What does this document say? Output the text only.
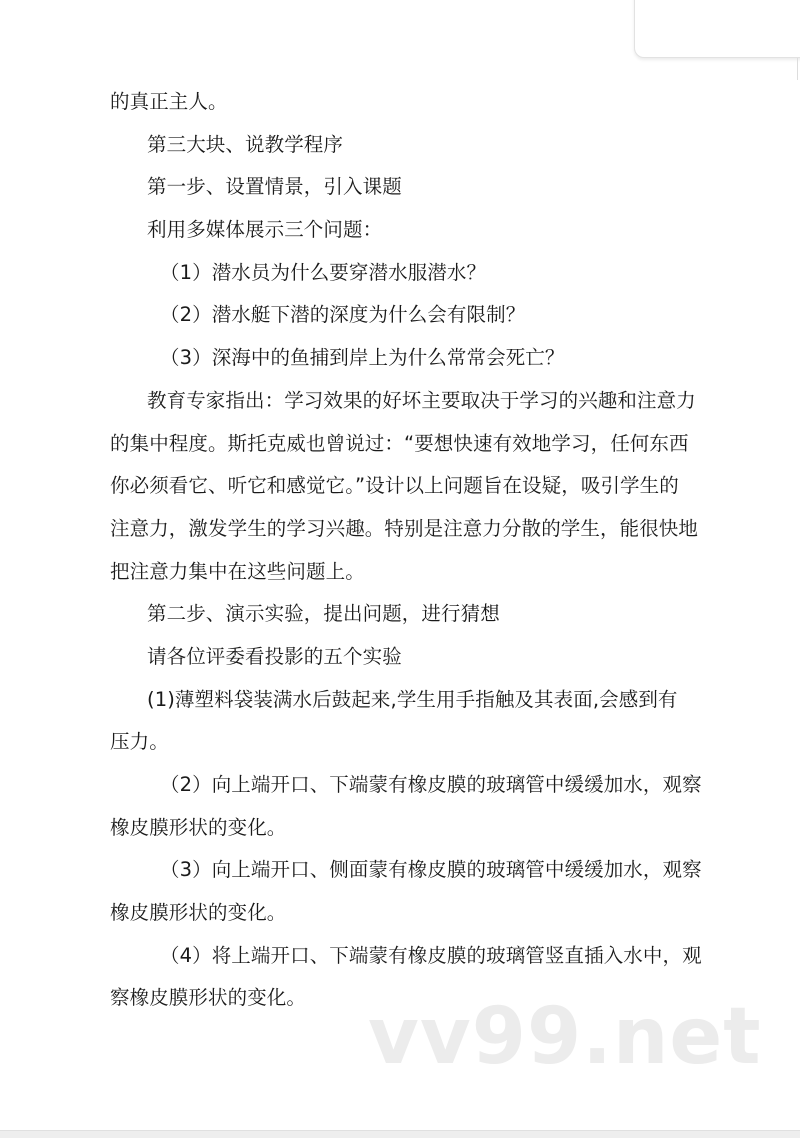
的真正主人。
第三大块、说教学程序
第一步、设置情景，引入课题
利用多媒体展示三个问题：
（1）潜水员为什么要穿潜水服潜水？
（2）潜水艇下潜的深度为什么会有限制？
（3）深海中的鱼捕到岸上为什么常常会死亡？
教育专家指出：学习效果的好坏主要取决于学习的兴趣和注意力
的集中程度。斯托克威也曾说过：“要想快速有效地学习，任何东西
你必须看它、听它和感觉它。”设计以上问题旨在设疑，吸引学生的
注意力，激发学生的学习兴趣。特别是注意力分散的学生，能很快地
把注意力集中在这些问题上。
第二步、演示实验，提出问题，进行猜想
请各位评委看投影的五个实验
(1)薄塑料袋装满水后鼓起来,学生用手指触及其表面,会感到有
压力。
（2）向上端开口、下端蒙有橡皮膜的玻璃管中缓缓加水，观察
橡皮膜形状的变化。
（3）向上端开口、侧面蒙有橡皮膜的玻璃管中缓缓加水，观察
橡皮膜形状的变化。
（4）将上端开口、下端蒙有橡皮膜的玻璃管竖直插入水中，观
察橡皮膜形状的变化。 vv99.net
